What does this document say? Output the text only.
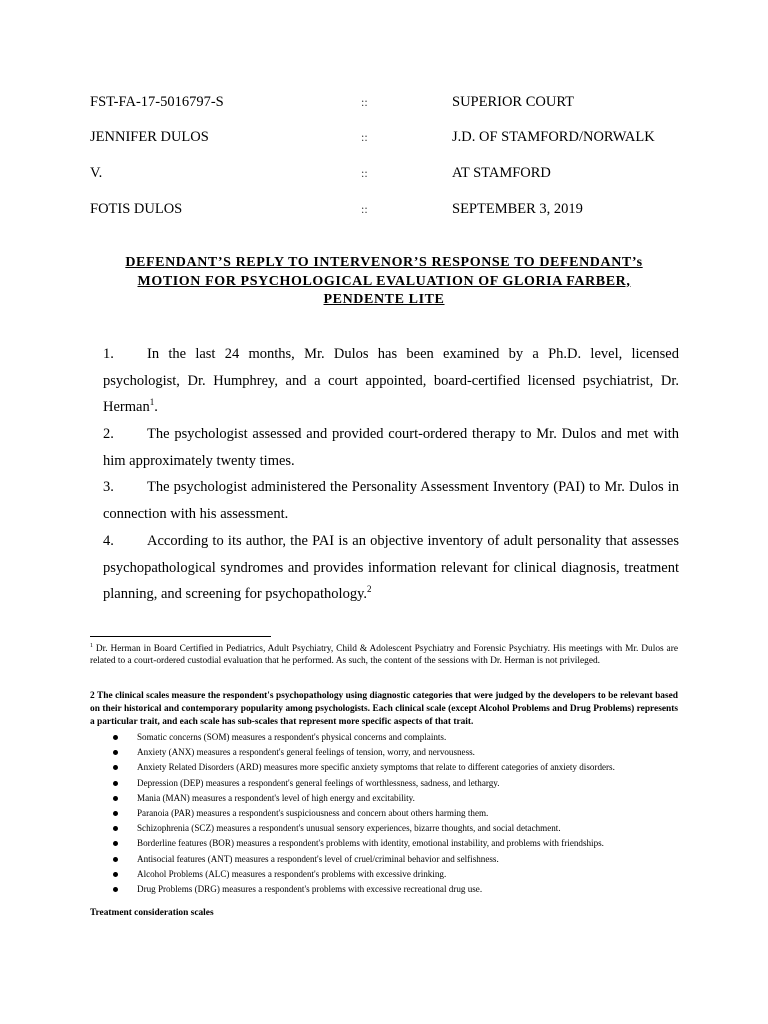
FST-FA-17-5016797-S	::	SUPERIOR COURT
JENNIFER DULOS	::	J.D. OF STAMFORD/NORWALK
V.	::	AT STAMFORD
FOTIS DULOS	::	SEPTEMBER 3, 2019
DEFENDANT’S REPLY TO INTERVENOR’S RESPONSE TO DEFENDANT’s
MOTION FOR PSYCHOLOGICAL EVALUATION OF GLORIA FARBER,
PENDENTE LITE
1. In the last 24 months, Mr. Dulos has been examined by a Ph.D. level, licensed psychologist, Dr. Humphrey, and a court appointed, board-certified licensed psychiatrist, Dr. Herman$^1$.
2. The psychologist assessed and provided court-ordered therapy to Mr. Dulos and met with him approximately twenty times.
3. The psychologist administered the Personality Assessment Inventory (PAI) to Mr. Dulos in connection with his assessment.
4. According to its author, the PAI is an objective inventory of adult personality that assesses psychopathological syndromes and provides information relevant for clinical diagnosis, treatment planning, and screening for psychopathology.$^2$
$^1$ Dr. Herman in Board Certified in Pediatrics, Adult Psychiatry, Child & Adolescent Psychiatry and Forensic Psychiatry. His meetings with Mr. Dulos are related to a court-ordered custodial evaluation that he performed. As such, the content of the sessions with Dr. Herman is not privileged.
2 The clinical scales measure the respondent's psychopathology using diagnostic categories that were judged by the developers to be relevant based on their historical and contemporary popularity among psychologists. Each clinical scale (except Alcohol Problems and Drug Problems) represents a particular trait, and each scale has sub-scales that represent more specific aspects of that trait.
Somatic concerns (SOM) measures a respondent's physical concerns and complaints.
Anxiety (ANX) measures a respondent's general feelings of tension, worry, and nervousness.
Anxiety Related Disorders (ARD) measures more specific anxiety symptoms that relate to different categories of anxiety disorders.
Depression (DEP) measures a respondent's general feelings of worthlessness, sadness, and lethargy.
Mania (MAN) measures a respondent's level of high energy and excitability.
Paranoia (PAR) measures a respondent's suspiciousness and concern about others harming them.
Schizophrenia (SCZ) measures a respondent's unusual sensory experiences, bizarre thoughts, and social detachment.
Borderline features (BOR) measures a respondent's problems with identity, emotional instability, and problems with friendships.
Antisocial features (ANT) measures a respondent's level of cruel/criminal behavior and selfishness.
Alcohol Problems (ALC) measures a respondent's problems with excessive drinking.
Drug Problems (DRG) measures a respondent's problems with excessive recreational drug use.
Treatment consideration scales
